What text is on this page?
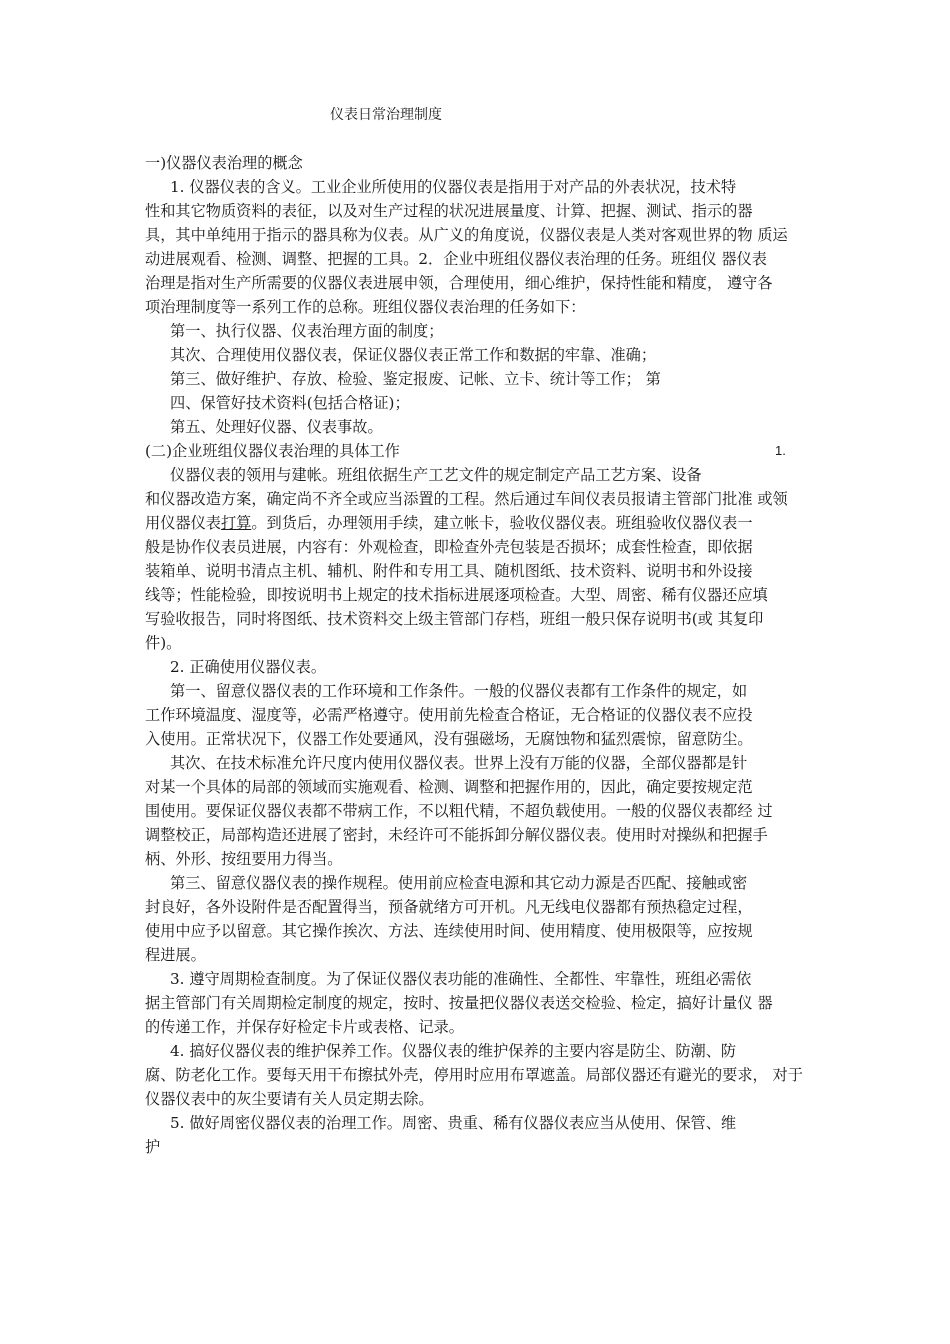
仪表日常治理制度
一)仪器仪表治理的概念
1. 仪器仪表的含义。工业企业所使用的仪器仪表是指用于对产品的外表状况，技术特
性和其它物质资料的表征，以及对生产过程的状况进展量度、计算、把握、测试、指示的器
具，其中单纯用于指示的器具称为仪表。从广义的角度说，仪器仪表是人类对客观世界的物 质运
动进展观看、检测、调整、把握的工具。2．企业中班组仪器仪表治理的任务。班组仪 器仪表
治理是指对生产所需要的仪器仪表进展申领，合理使用，细心维护，保持性能和精度， 遵守各
项治理制度等一系列工作的总称。班组仪器仪表治理的任务如下：
第一、执行仪器、仪表治理方面的制度；
其次、合理使用仪器仪表，保证仪器仪表正常工作和数据的牢靠、准确；
第三、做好维护、存放、检验、鉴定报废、记帐、立卡、统计等工作； 第
四、保管好技术资料(包括合格证)；
第五、处理好仪器、仪表事故。
(二)企业班组仪器仪表治理的具体工作	1.
仪器仪表的领用与建帐。班组依据生产工艺文件的规定制定产品工艺方案、设备
和仪器改造方案，确定尚不齐全或应当添置的工程。然后通过车间仪表员报请主管部门批准 或领
用仪器仪表打算。到货后，办理领用手续，建立帐卡，验收仪器仪表。班组验收仪器仪表一
般是协作仪表员进展，内容有：外观检查，即检查外壳包装是否损坏；成套性检查，即依据
装箱单、说明书清点主机、辅机、附件和专用工具、随机图纸、技术资料、说明书和外设接
线等；性能检验，即按说明书上规定的技术指标进展逐项检查。大型、周密、稀有仪器还应填
写验收报告，同时将图纸、技术资料交上级主管部门存档，班组一般只保存说明书(或 其复印
件)。
2. 正确使用仪器仪表。
第一、留意仪器仪表的工作环境和工作条件。一般的仪器仪表都有工作条件的规定，如
工作环境温度、湿度等，必需严格遵守。使用前先检查合格证，无合格证的仪器仪表不应投
入使用。正常状况下，仪器工作处要通风，没有强磁场，无腐蚀物和猛烈震惊，留意防尘。
其次、在技术标准允许尺度内使用仪器仪表。世界上没有万能的仪器，全部仪器都是针
对某一个具体的局部的领域而实施观看、检测、调整和把握作用的，因此，确定要按规定范
围使用。要保证仪器仪表都不带病工作，不以粗代精，不超负载使用。一般的仪器仪表都经 过
调整校正，局部构造还进展了密封，未经许可不能拆卸分解仪器仪表。使用时对操纵和把握手
柄、外形、按纽要用力得当。
第三、留意仪器仪表的操作规程。使用前应检查电源和其它动力源是否匹配、接触或密
封良好，各外设附件是否配置得当，预备就绪方可开机。凡无线电仪器都有预热稳定过程，
使用中应予以留意。其它操作挨次、方法、连续使用时间、使用精度、使用极限等，应按规
程进展。
3. 遵守周期检查制度。为了保证仪器仪表功能的准确性、全都性、牢靠性，班组必需依
据主管部门有关周期检定制度的规定，按时、按量把仪器仪表送交检验、检定，搞好计量仪 器
的传递工作，并保存好检定卡片或表格、记录。
4. 搞好仪器仪表的维护保养工作。仪器仪表的维护保养的主要内容是防尘、防潮、防
腐、防老化工作。要每天用干布擦拭外壳，停用时应用布罩遮盖。局部仪器还有避光的要求， 对于
仪器仪表中的灰尘要请有关人员定期去除。
5. 做好周密仪器仪表的治理工作。周密、贵重、稀有仪器仪表应当从使用、保管、维
护
